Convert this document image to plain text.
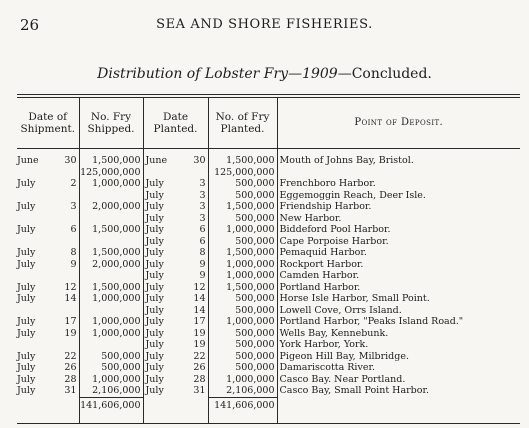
26	SEA AND SHORE FISHERIES.
Distribution of Lobster Fry—1909—Concluded.
Date of Shipment.		No. Fry Shipped.	Date Planted.		No. of Fry Planted.	Point of Deposit.
June	30	1,500,000	June	30	1,500,000	Mouth of Johns Bay, Bristol.
		125,000,000			125,000,000	
July	2	1,000,000	July	3	500,000	Frenchboro Harbor.
			July	3	500,000	Eggemoggin Reach, Deer Isle.
July	3	2,000,000	July	3	1,500,000	Friendship Harbor.
			July	3	500,000	New Harbor.
July	6	1,500,000	July	6	1,000,000	Biddeford Pool Harbor.
			July	6	500,000	Cape Porpoise Harbor.
July	8	1,500,000	July	8	1,500,000	Pemaquid Harbor.
July	9	2,000,000	July	9	1,000,000	Rockport Harbor.
			July	9	1,000,000	Camden Harbor.
July	12	1,500,000	July	12	1,500,000	Portland Harbor.
July	14	1,000,000	July	14	500,000	Horse Isle Harbor, Small Point.
			July	14	500,000	Lowell Cove, Orrs Island.
July	17	1,000,000	July	17	1,000,000	Portland Harbor, "Peaks Island Road."
July	19	1,000,000	July	19	500,000	Wells Bay, Kennebunk.
			July	19	500,000	York Harbor, York.
July	22	500,000	July	22	500,000	Pigeon Hill Bay, Milbridge.
July	26	500,000	July	26	500,000	Damariscotta River.
July	28	1,000,000	July	28	1,000,000	Casco Bay. Near Portland.
July	31	2,106,000	July	31	2,106,000	Casco Bay, Small Point Harbor.
		141,606,000			141,606,000	
